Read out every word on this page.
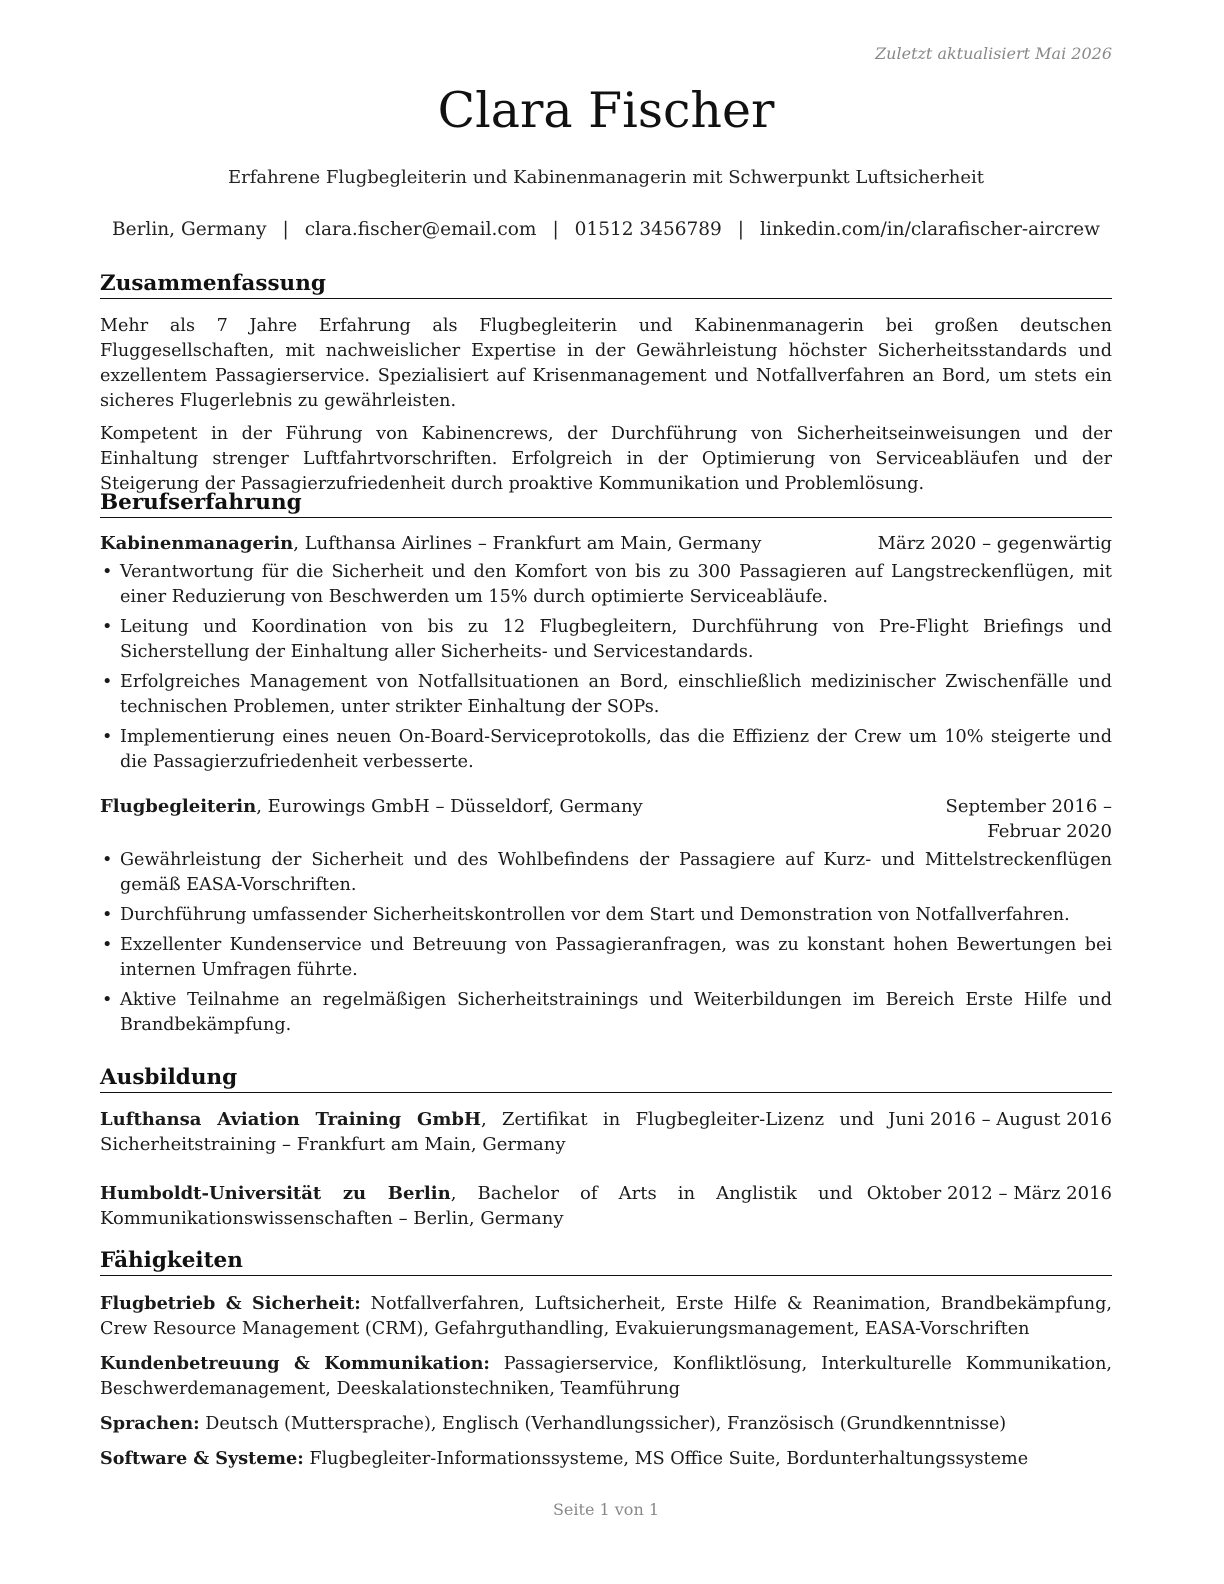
Zuletzt aktualisiert Mai 2026
Clara Fischer
Erfahrene Flugbegleiterin und Kabinenmanagerin mit Schwerpunkt Luftsicherheit
Berlin, Germany | clara.fischer@email.com | 01512 3456789 | linkedin.com/in/clarafischer-aircrew
Zusammenfassung

Mehr als 7 Jahre Erfahrung als Flugbegleiterin und Kabinenmanagerin bei großen deutschen Fluggesellschaften, mit nachweislicher Expertise in der Gewährleistung höchster Sicherheitsstandards und exzellentem Passagierservice. Spezialisiert auf Krisenmanagement und Notfallverfahren an Bord, um stets ein sicheres Flugerlebnis zu gewährleisten.

Kompetent in der Führung von Kabinencrews, der Durchführung von Sicherheitseinweisungen und der Einhaltung strenger Luftfahrtvorschriften. Erfolgreich in der Optimierung von Serviceabläufen und der Steigerung der Passagierzufriedenheit durch proaktive Kommunikation und Problemlösung.

Berufserfahrung
Kabinenmanagerin, Lufthansa Airlines – Frankfurt am Main, Germany	März 2020 – gegenwärtig
• Verantwortung für die Sicherheit und den Komfort von bis zu 300 Passagieren auf Langstreckenflügen, mit einer Reduzierung von Beschwerden um 15% durch optimierte Serviceabläufe.
• Leitung und Koordination von bis zu 12 Flugbegleitern, Durchführung von Pre-Flight Briefings und Sicherstellung der Einhaltung aller Sicherheits- und Servicestandards.
• Erfolgreiches Management von Notfallsituationen an Bord, einschließlich medizinischer Zwischenfälle und technischen Problemen, unter strikter Einhaltung der SOPs.
• Implementierung eines neuen On-Board-Serviceprotokolls, das die Effizienz der Crew um 10% steigerte und die Passagierzufriedenheit verbesserte.
Flugbegleiterin, Eurowings GmbH – Düsseldorf, Germany	September 2016 – Februar 2020
• Gewährleistung der Sicherheit und des Wohlbefindens der Passagiere auf Kurz- und Mittelstreckenflügen gemäß EASA-Vorschriften.
• Durchführung umfassender Sicherheitskontrollen vor dem Start und Demonstration von Notfallverfahren.
• Exzellenter Kundenservice und Betreuung von Passagieranfragen, was zu konstant hohen Bewertungen bei internen Umfragen führte.
• Aktive Teilnahme an regelmäßigen Sicherheitstrainings und Weiterbildungen im Bereich Erste Hilfe und Brandbekämpfung.
Ausbildung
Lufthansa Aviation Training GmbH, Zertifikat in Flugbegleiter-Lizenz und Sicherheitstraining – Frankfurt am Main, Germany
Juni 2016 – August 2016
Humboldt-Universität zu Berlin, Bachelor of Arts in Anglistik und Kommunikationswissenschaften – Berlin, Germany
Oktober 2012 – März 2016
Fähigkeiten

Flugbetrieb & Sicherheit: Notfallverfahren, Luftsicherheit, Erste Hilfe & Reanimation, Brandbekämpfung, Crew Resource Management (CRM), Gefahrguthandling, Evakuierungsmanagement, EASA-Vorschriften

Kundenbetreuung & Kommunikation: Passagierservice, Konfliktlösung, Interkulturelle Kommunikation, Beschwerdemanagement, Deeskalationstechniken, Teamführung

Sprachen: Deutsch (Muttersprache), Englisch (Verhandlungssicher), Französisch (Grundkenntnisse)

Software & Systeme: Flugbegleiter-Informationssysteme, MS Office Suite, Bordunterhaltungssysteme

Seite 1 von 1
